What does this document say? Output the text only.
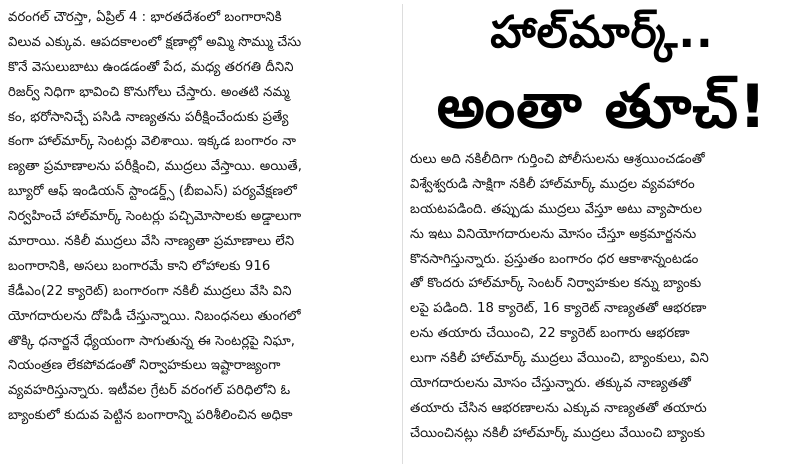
వరంగల్ చౌరస్తా, ఏప్రిల్ 4 : భారతదేశంలో బంగారానికి
విలువ ఎక్కువ. ఆపదకాలంలో క్షణాల్లో అమ్మి సొమ్ము చేసు
కొనే వెసులుబాటు ఉండడంతో పేద, మధ్య తరగతి దీనిని
రిజర్వ్ నిధిగా భావించి కొనుగోలు చేస్తారు. అంతటి నమ్మ
కం, భరోసానిచ్చే పసిడి నాణ్యతను పరీక్షించేందుకు ప్రత్యే
కంగా హాల్‌మార్క్ సెంటర్లు వెలిశాయి. ఇక్కడ బంగారం నా
ణ్యతా ప్రమాణాలను పరీక్షించి, ముద్రలు వేస్తాయి. అయితే,
బ్యూరో ఆఫ్ ఇండియన్ స్టాండర్డ్స్ (బీఐఎస్) పర్యవేక్షణలో
నిర్వహించే హాల్‌మార్క్ సెంటర్లు పచ్చిమోసాలకు అడ్డాలుగా
మారాయి. నకిలీ ముద్రలు వేసి నాణ్యతా ప్రమాణాలు లేని
బంగారానికి, అసలు బంగారమే కాని లోహాలకు 916
కేడీఎం(22 క్యారెట్) బంగారంగా నకిలీ ముద్రలు వేసి విని
యోగదారులను దోపిడీ చేస్తున్నాయి. నిబంధనలు తుంగలో
తొక్కి ధనార్జనే ధ్యేయంగా సాగుతున్న ఈ సెంటర్లపై నిఘా,
నియంత్రణ లేకపోవడంతో నిర్వాహకులు ఇష్టారాజ్యంగా
వ్యవహరిస్తున్నారు. ఇటీవల గ్రేటర్ వరంగల్ పరిధిలోని ఓ
బ్యాంకులో కుదువ పెట్టిన బంగారాన్ని పరిశీలించిన అధికా
హాల్‌మార్క్‌..
అంతా తూచ్‌!
రులు అది నకిలీదిగా గుర్తించి పోలీసులను ఆశ్రయించడంతో
విశ్వేశ్వరుడి సాక్షిగా నకిలీ హాల్‌మార్క్ ముద్రల వ్యవహారం
బయటపడింది. తప్పుడు ముద్రలు వేస్తూ అటు వ్యాపారుల
ను ఇటు వినియోగదారులను మోసం చేస్తూ అక్రమార్జనను
కొనసాగిస్తున్నారు. ప్రస్తుతం బంగారం ధర ఆకాశాన్నంటడం
తో కొందరు హాల్‌మార్క్ సెంటర్ నిర్వాహకుల కన్ను బ్యాంకు
లపై పడింది. 18 క్యారెట్, 16 క్యారెట్ నాణ్యతతో ఆభరణా
లను తయారు చేయించి, 22 క్యారెట్ బంగారు ఆభరణా
లుగా నకిలీ హాల్‌మార్క్ ముద్రలు వేయించి, బ్యాంకులు, విని
యోగదారులను మోసం చేస్తున్నారు. తక్కువ నాణ్యతతో
తయారు చేసిన ఆభరణాలను ఎక్కువ నాణ్యతతో తయారు
చేయించినట్లు నకిలీ హాల్‌మార్క్ ముద్రలు వేయించి బ్యాంకు
